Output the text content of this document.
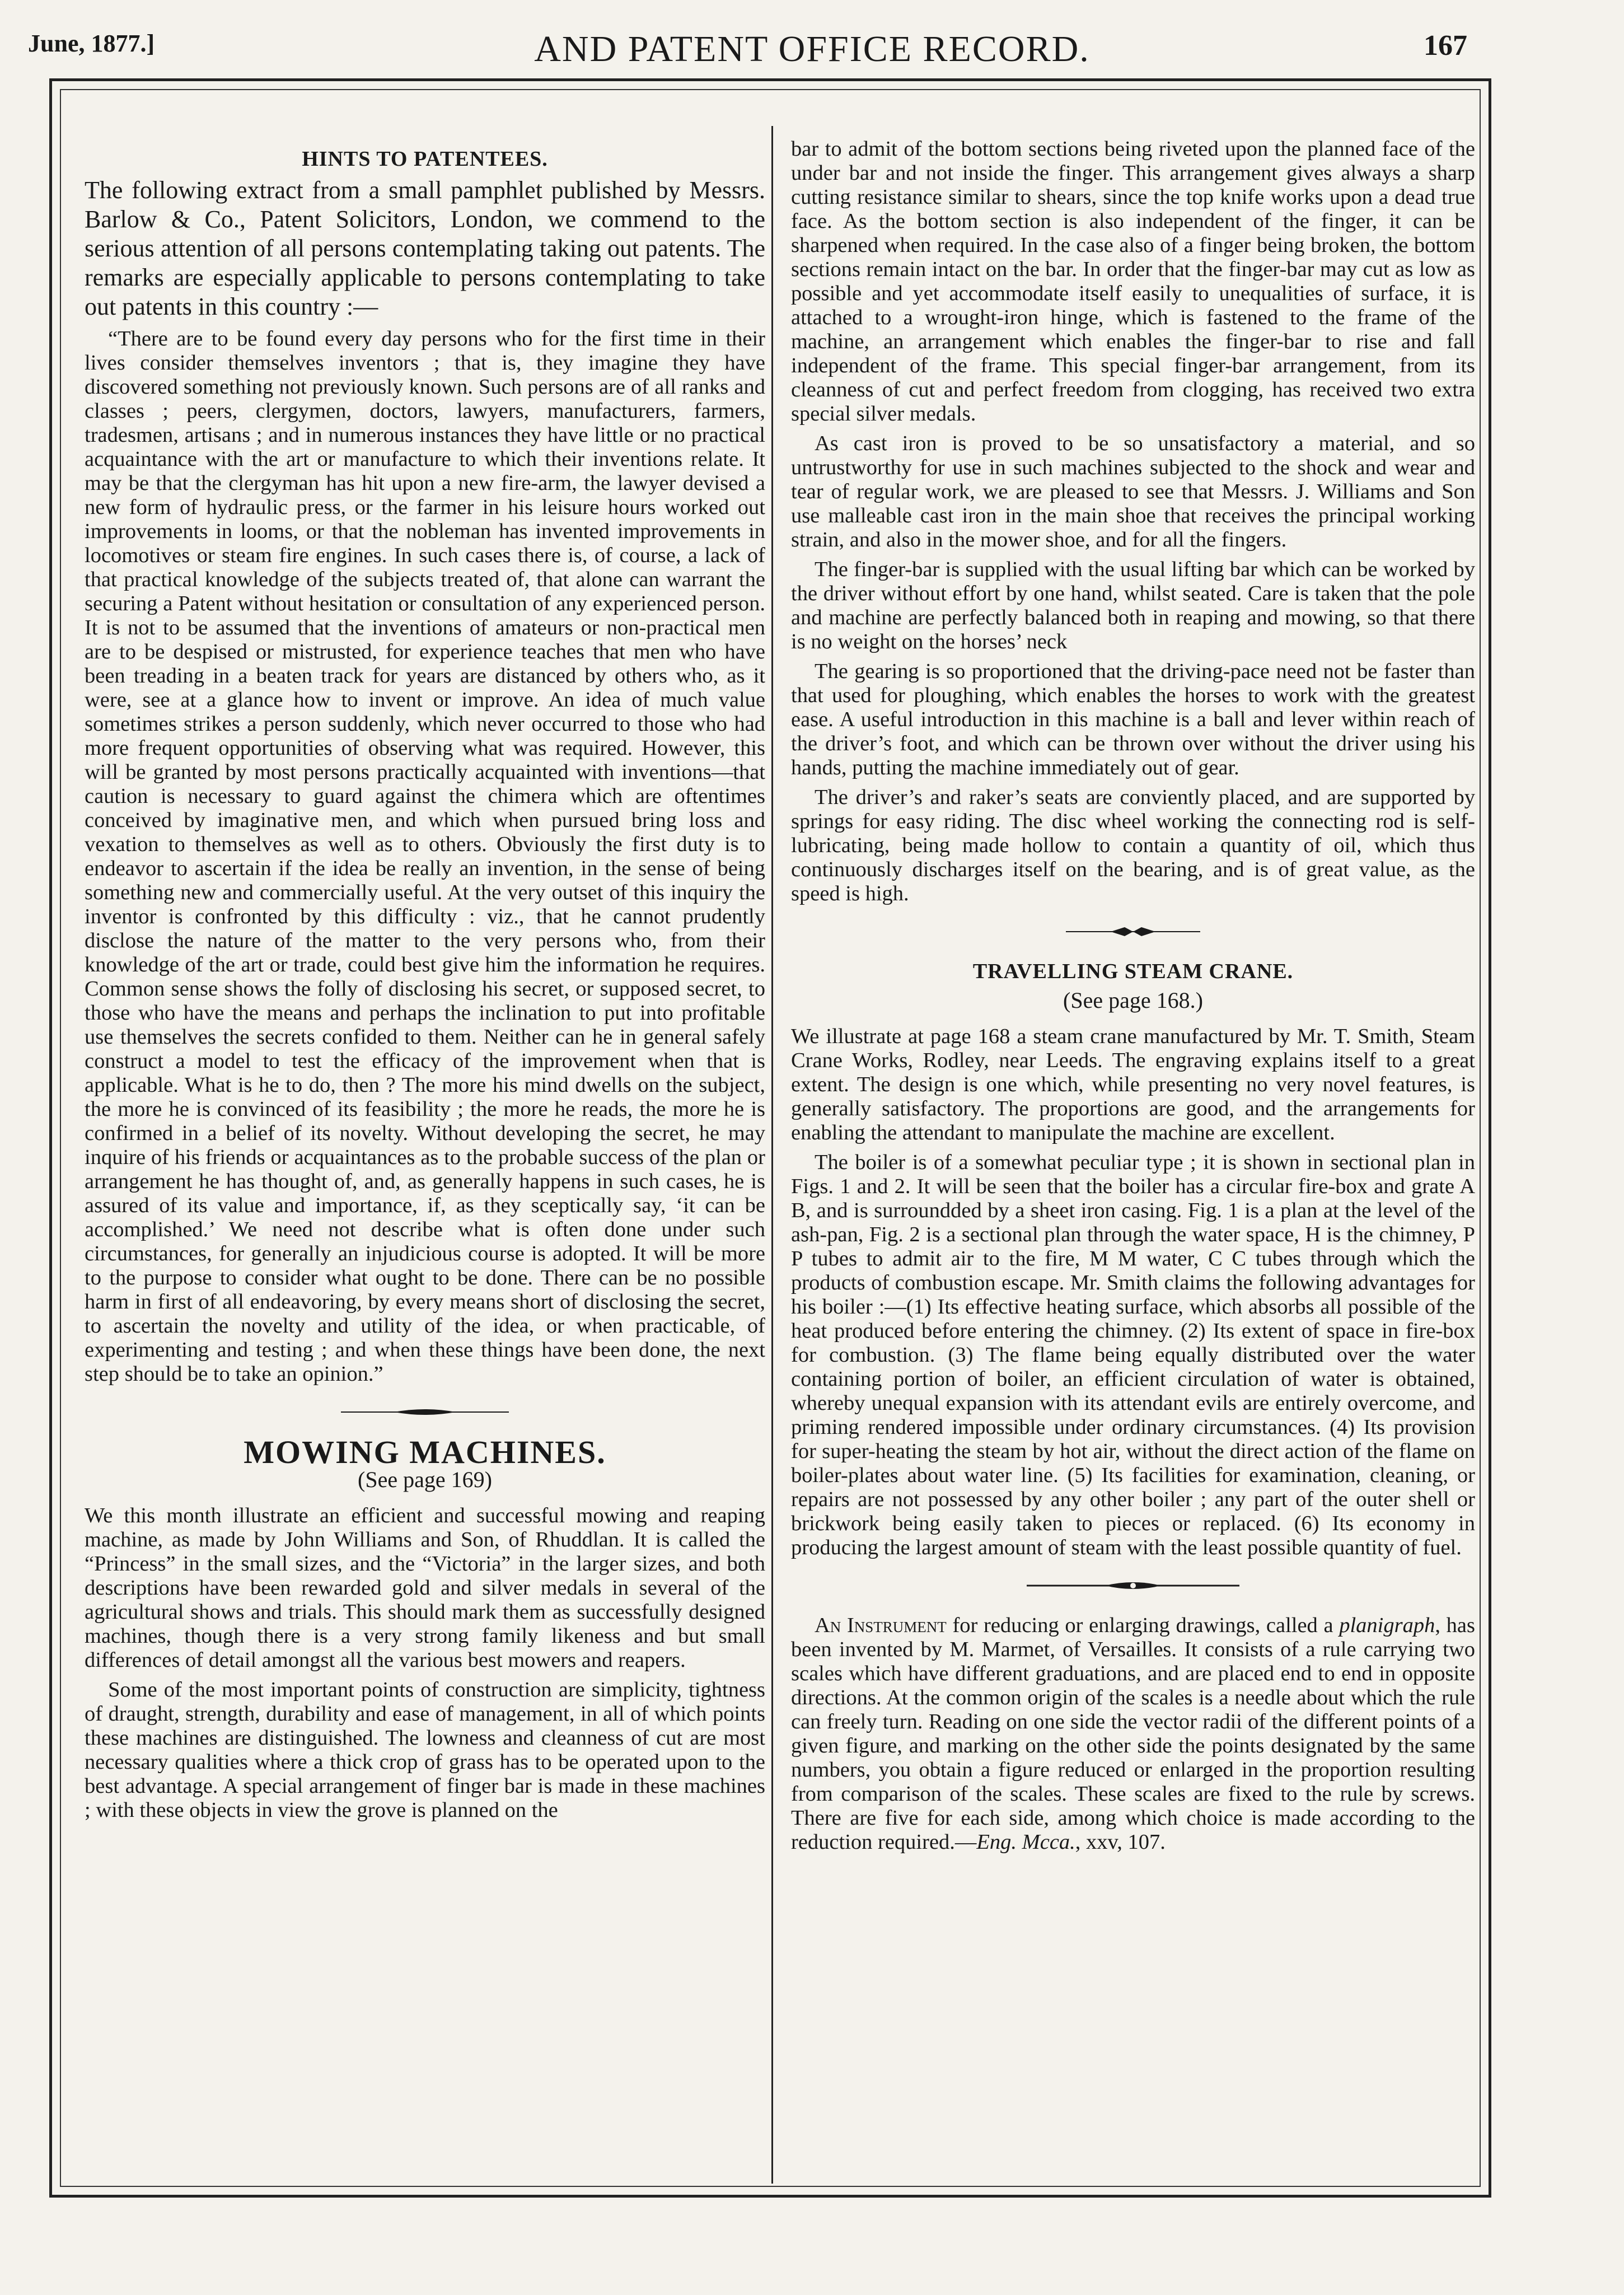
June, 1877.]	AND PATENT OFFICE RECORD.	167
HINTS TO PATENTEES.

The following extract from a small pamphlet published by Messrs. Barlow & Co., Patent Solicitors, London, we commend to the serious attention of all persons contemplating taking out patents. The remarks are especially applicable to persons contemplating to take out patents in this country :—

“There are to be found every day persons who for the first time in their lives consider themselves inventors ; that is, they imagine they have discovered something not previously known. Such persons are of all ranks and classes ; peers, clergymen, doctors, lawyers, manufacturers, farmers, tradesmen, artisans ; and in numerous instances they have little or no practical acquaintance with the art or manufacture to which their inventions relate. It may be that the clergyman has hit upon a new fire-arm, the lawyer devised a new form of hydraulic press, or the farmer in his leisure hours worked out improvements in looms, or that the nobleman has invented improvements in locomotives or steam fire engines. In such cases there is, of course, a lack of that practical knowledge of the subjects treated of, that alone can warrant the securing a Patent without hesitation or consultation of any experienced person. It is not to be assumed that the inventions of amateurs or non-practical men are to be despised or mistrusted, for experience teaches that men who have been treading in a beaten track for years are distanced by others who, as it were, see at a glance how to invent or improve. An idea of much value sometimes strikes a person suddenly, which never occurred to those who had more frequent opportunities of observing what was required. However, this will be granted by most persons practically acquainted with inventions—that caution is necessary to guard against the chimera which are oftentimes conceived by imaginative men, and which when pursued bring loss and vexation to themselves as well as to others. Obviously the first duty is to endeavor to ascertain if the idea be really an invention, in the sense of being something new and commercially useful. At the very outset of this inquiry the inventor is confronted by this difficulty : viz., that he cannot prudently disclose the nature of the matter to the very persons who, from their knowledge of the art or trade, could best give him the information he requires. Common sense shows the folly of disclosing his secret, or supposed secret, to those who have the means and perhaps the inclination to put into profitable use themselves the secrets confided to them. Neither can he in general safely construct a model to test the efficacy of the improvement when that is applicable. What is he to do, then ? The more his mind dwells on the subject, the more he is convinced of its feasibility ; the more he reads, the more he is confirmed in a belief of its novelty. Without developing the secret, he may inquire of his friends or acquaintances as to the probable success of the plan or arrangement he has thought of, and, as generally happens in such cases, he is assured of its value and importance, if, as they sceptically say, ‘it can be accomplished.’ We need not describe what is often done under such circumstances, for generally an injudicious course is adopted. It will be more to the purpose to consider what ought to be done. There can be no possible harm in first of all endeavoring, by every means short of disclosing the secret, to ascertain the novelty and utility of the idea, or when practicable, of experimenting and testing ; and when these things have been done, the next step should be to take an opinion.”

MOWING MACHINES.
(See page 169)

We this month illustrate an efficient and successful mowing and reaping machine, as made by John Williams and Son, of Rhuddlan. It is called the “Princess” in the small sizes, and the “Victoria” in the larger sizes, and both descriptions have been rewarded gold and silver medals in several of the agricultural shows and trials. This should mark them as successfully designed machines, though there is a very strong family likeness and but small differences of detail amongst all the various best mowers and reapers.

Some of the most important points of construction are simplicity, tightness of draught, strength, durability and ease of management, in all of which points these machines are distinguished. The lowness and cleanness of cut are most necessary qualities where a thick crop of grass has to be operated upon to the best advantage. A special arrangement of finger bar is made in these machines ; with these objects in view the grove is planned on the

bar to admit of the bottom sections being riveted upon the planned face of the under bar and not inside the finger. This arrangement gives always a sharp cutting resistance similar to shears, since the top knife works upon a dead true face. As the bottom section is also independent of the finger, it can be sharpened when required. In the case also of a finger being broken, the bottom sections remain intact on the bar. In order that the finger-bar may cut as low as possible and yet accommodate itself easily to unequalities of surface, it is attached to a wrought-iron hinge, which is fastened to the frame of the machine, an arrangement which enables the finger-bar to rise and fall independent of the frame. This special finger-bar arrangement, from its cleanness of cut and perfect freedom from clogging, has received two extra special silver medals.

As cast iron is proved to be so unsatisfactory a material, and so untrustworthy for use in such machines subjected to the shock and wear and tear of regular work, we are pleased to see that Messrs. J. Williams and Son use malleable cast iron in the main shoe that receives the principal working strain, and also in the mower shoe, and for all the fingers.

The finger-bar is supplied with the usual lifting bar which can be worked by the driver without effort by one hand, whilst seated. Care is taken that the pole and machine are perfectly balanced both in reaping and mowing, so that there is no weight on the horses’ neck

The gearing is so proportioned that the driving-pace need not be faster than that used for ploughing, which enables the horses to work with the greatest ease. A useful introduction in this machine is a ball and lever within reach of the driver’s foot, and which can be thrown over without the driver using his hands, putting the machine immediately out of gear.

The driver’s and raker’s seats are conviently placed, and are supported by springs for easy riding. The disc wheel working the connecting rod is self-lubricating, being made hollow to contain a quantity of oil, which thus continuously discharges itself on the bearing, and is of great value, as the speed is high.

TRAVELLING STEAM CRANE.
(See page 168.)

We illustrate at page 168 a steam crane manufactured by Mr. T. Smith, Steam Crane Works, Rodley, near Leeds. The engraving explains itself to a great extent. The design is one which, while presenting no very novel features, is generally satisfactory. The proportions are good, and the arrangements for enabling the attendant to manipulate the machine are excellent.

The boiler is of a somewhat peculiar type ; it is shown in sectional plan in Figs. 1 and 2. It will be seen that the boiler has a circular fire-box and grate A B, and is surroundded by a sheet iron casing. Fig. 1 is a plan at the level of the ash-pan, Fig. 2 is a sectional plan through the water space, H is the chimney, P P tubes to admit air to the fire, M M water, C C tubes through which the products of combustion escape. Mr. Smith claims the following advantages for his boiler :—(1) Its effective heating surface, which absorbs all possible of the heat produced before entering the chimney. (2) Its extent of space in fire-box for combustion. (3) The flame being equally distributed over the water containing portion of boiler, an efficient circulation of water is obtained, whereby unequal expansion with its attendant evils are entirely overcome, and priming rendered impossible under ordinary circumstances. (4) Its provision for super-heating the steam by hot air, without the direct action of the flame on boiler-plates about water line. (5) Its facilities for examination, cleaning, or repairs are not possessed by any other boiler ; any part of the outer shell or brickwork being easily taken to pieces or replaced. (6) Its economy in producing the largest amount of steam with the least possible quantity of fuel.

An Instrument for reducing or enlarging drawings, called a planigraph, has been invented by M. Marmet, of Versailles. It consists of a rule carrying two scales which have different graduations, and are placed end to end in opposite directions. At the common origin of the scales is a needle about which the rule can freely turn. Reading on one side the vector radii of the different points of a given figure, and marking on the other side the points designated by the same numbers, you obtain a figure reduced or enlarged in the proportion resulting from comparison of the scales. These scales are fixed to the rule by screws. There are five for each side, among which choice is made according to the reduction required.—Eng. Mcca., xxv, 107.
